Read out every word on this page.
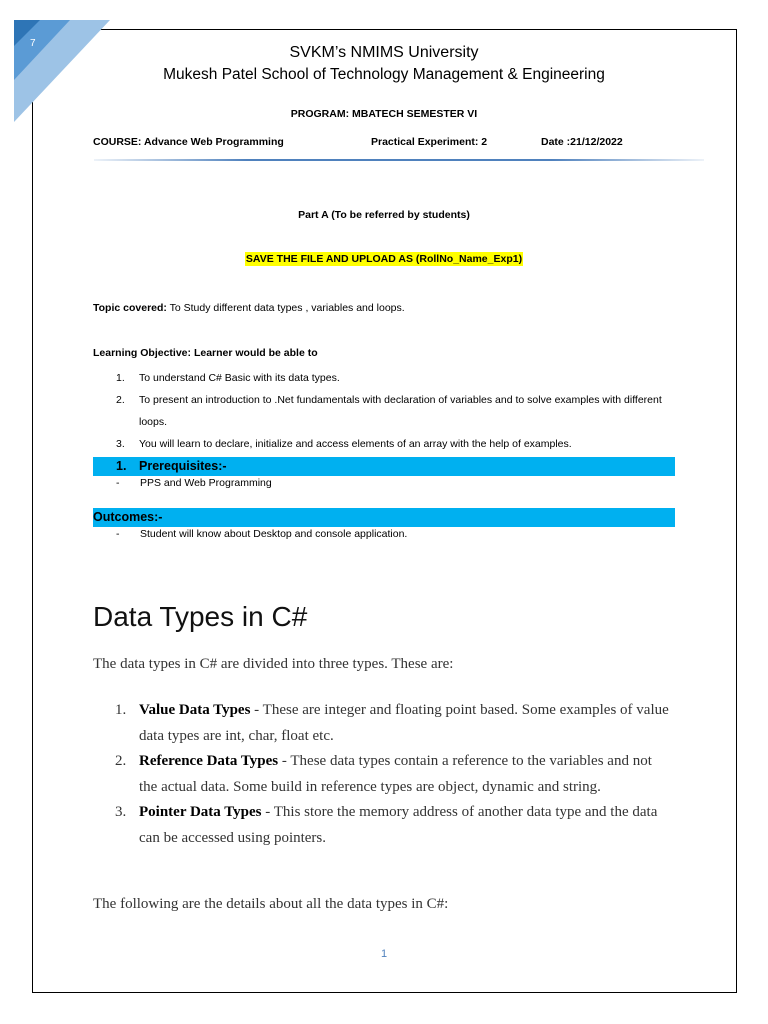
7
SVKM’s NMIMS University
Mukesh Patel School of Technology Management & Engineering
PROGRAM: MBATECH SEMESTER VI
COURSE: Advance Web Programming	Practical Experiment: 2	Date :21/12/2022
Part A (To be referred by students)
SAVE THE FILE AND UPLOAD AS (RollNo_Name_Exp1)
Topic covered: To Study different data types , variables and loops.
Learning Objective: Learner would be able to
1. To understand C# Basic with its data types.
2. To present an introduction to .Net fundamentals with declaration of variables and to solve examples with different loops.
3. You will learn to declare, initialize and access elements of an array with the help of examples.
1. Prerequisites:-
- PPS and Web Programming
Outcomes:-
- Student will know about Desktop and console application.
Data Types in C#
The data types in C# are divided into three types. These are:
1. Value Data Types - These are integer and floating point based. Some examples of value data types are int, char, float etc.
2. Reference Data Types - These data types contain a reference to the variables and not the actual data. Some build in reference types are object, dynamic and string.
3. Pointer Data Types - This store the memory address of another data type and the data can be accessed using pointers.
The following are the details about all the data types in C#:
1
